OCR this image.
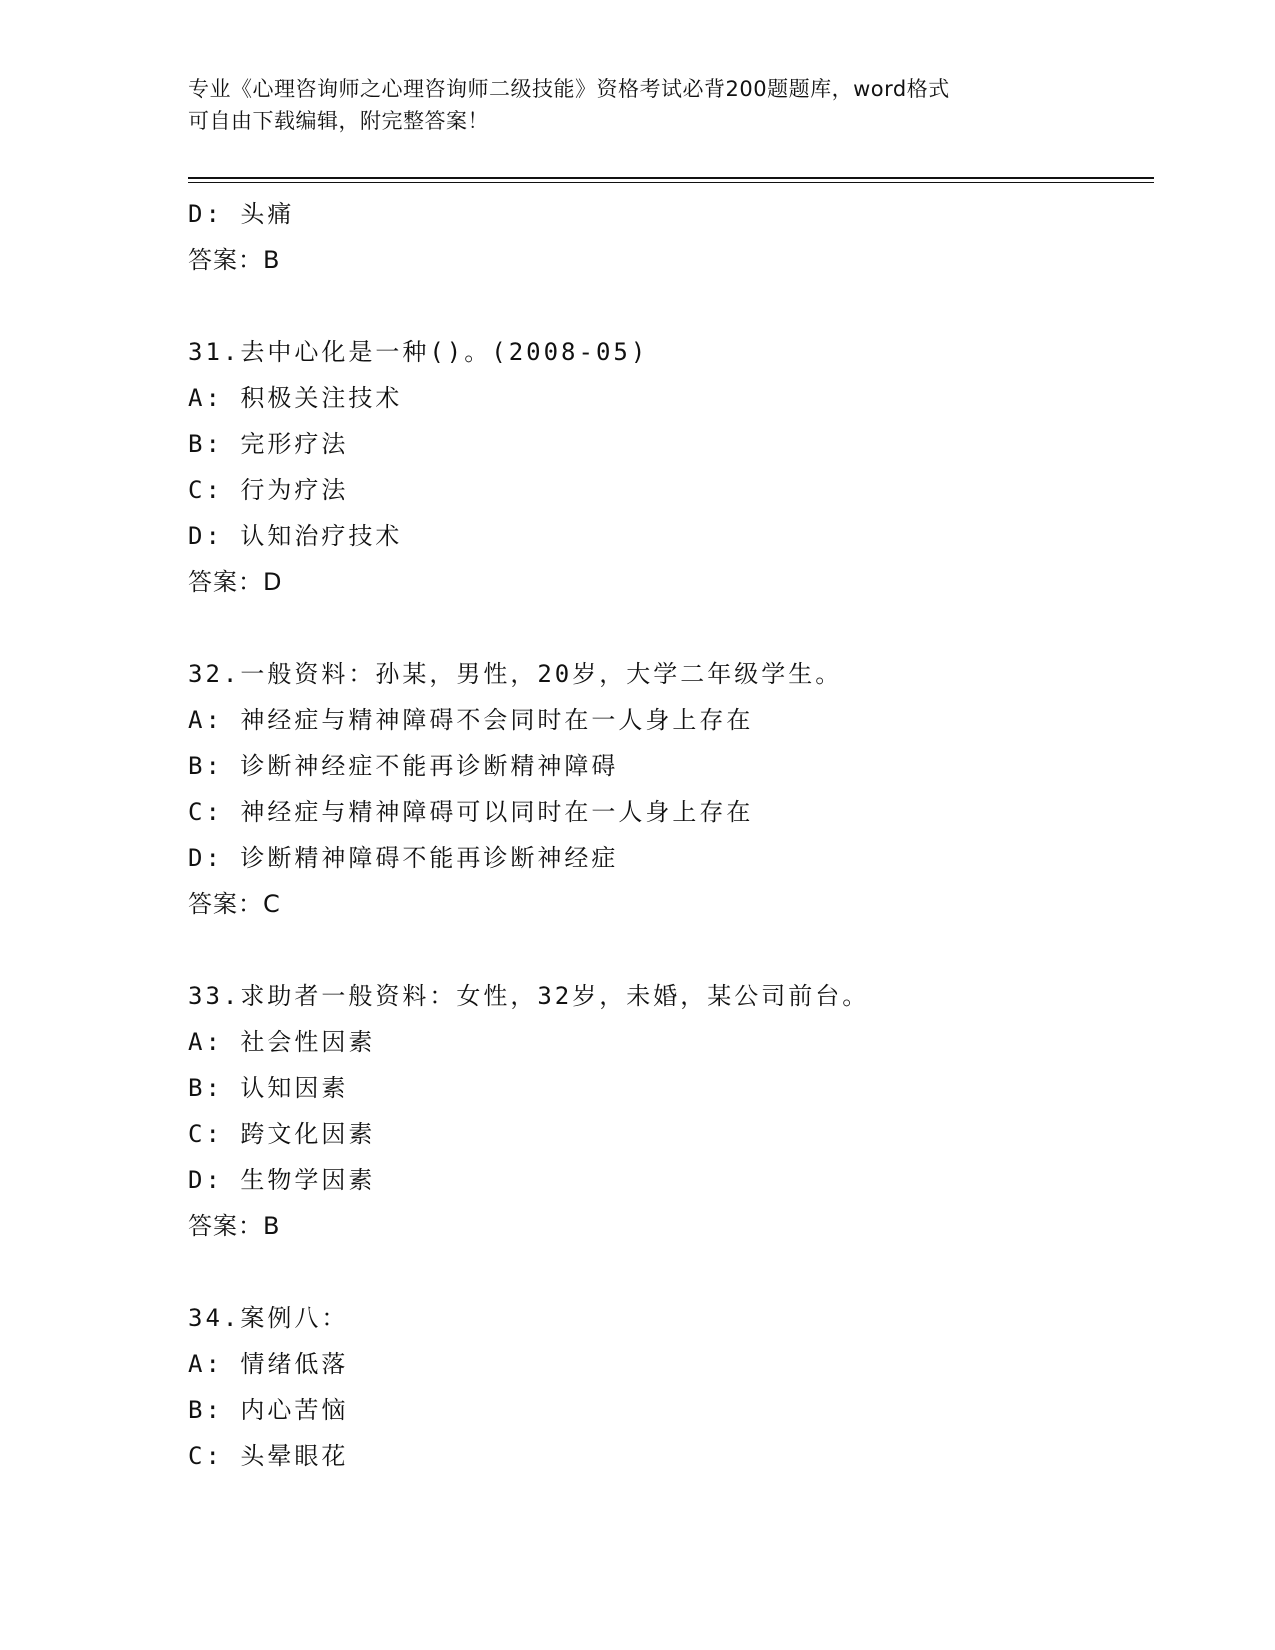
专业《心理咨询师之心理咨询师二级技能》资格考试必背200题题库，word格式
可自由下载编辑，附完整答案！
D: 头痛
答案：B
31.去中心化是一种()。(2008-05)
A: 积极关注技术
B: 完形疗法
C: 行为疗法
D: 认知治疗技术
答案：D
32.一般资料：孙某，男性，20岁，大学二年级学生。
A: 神经症与精神障碍不会同时在一人身上存在
B: 诊断神经症不能再诊断精神障碍
C: 神经症与精神障碍可以同时在一人身上存在
D: 诊断精神障碍不能再诊断神经症
答案：C
33.求助者一般资料：女性，32岁，未婚，某公司前台。
A: 社会性因素
B: 认知因素
C: 跨文化因素
D: 生物学因素
答案：B
34.案例八：
A: 情绪低落
B: 内心苦恼
C: 头晕眼花
